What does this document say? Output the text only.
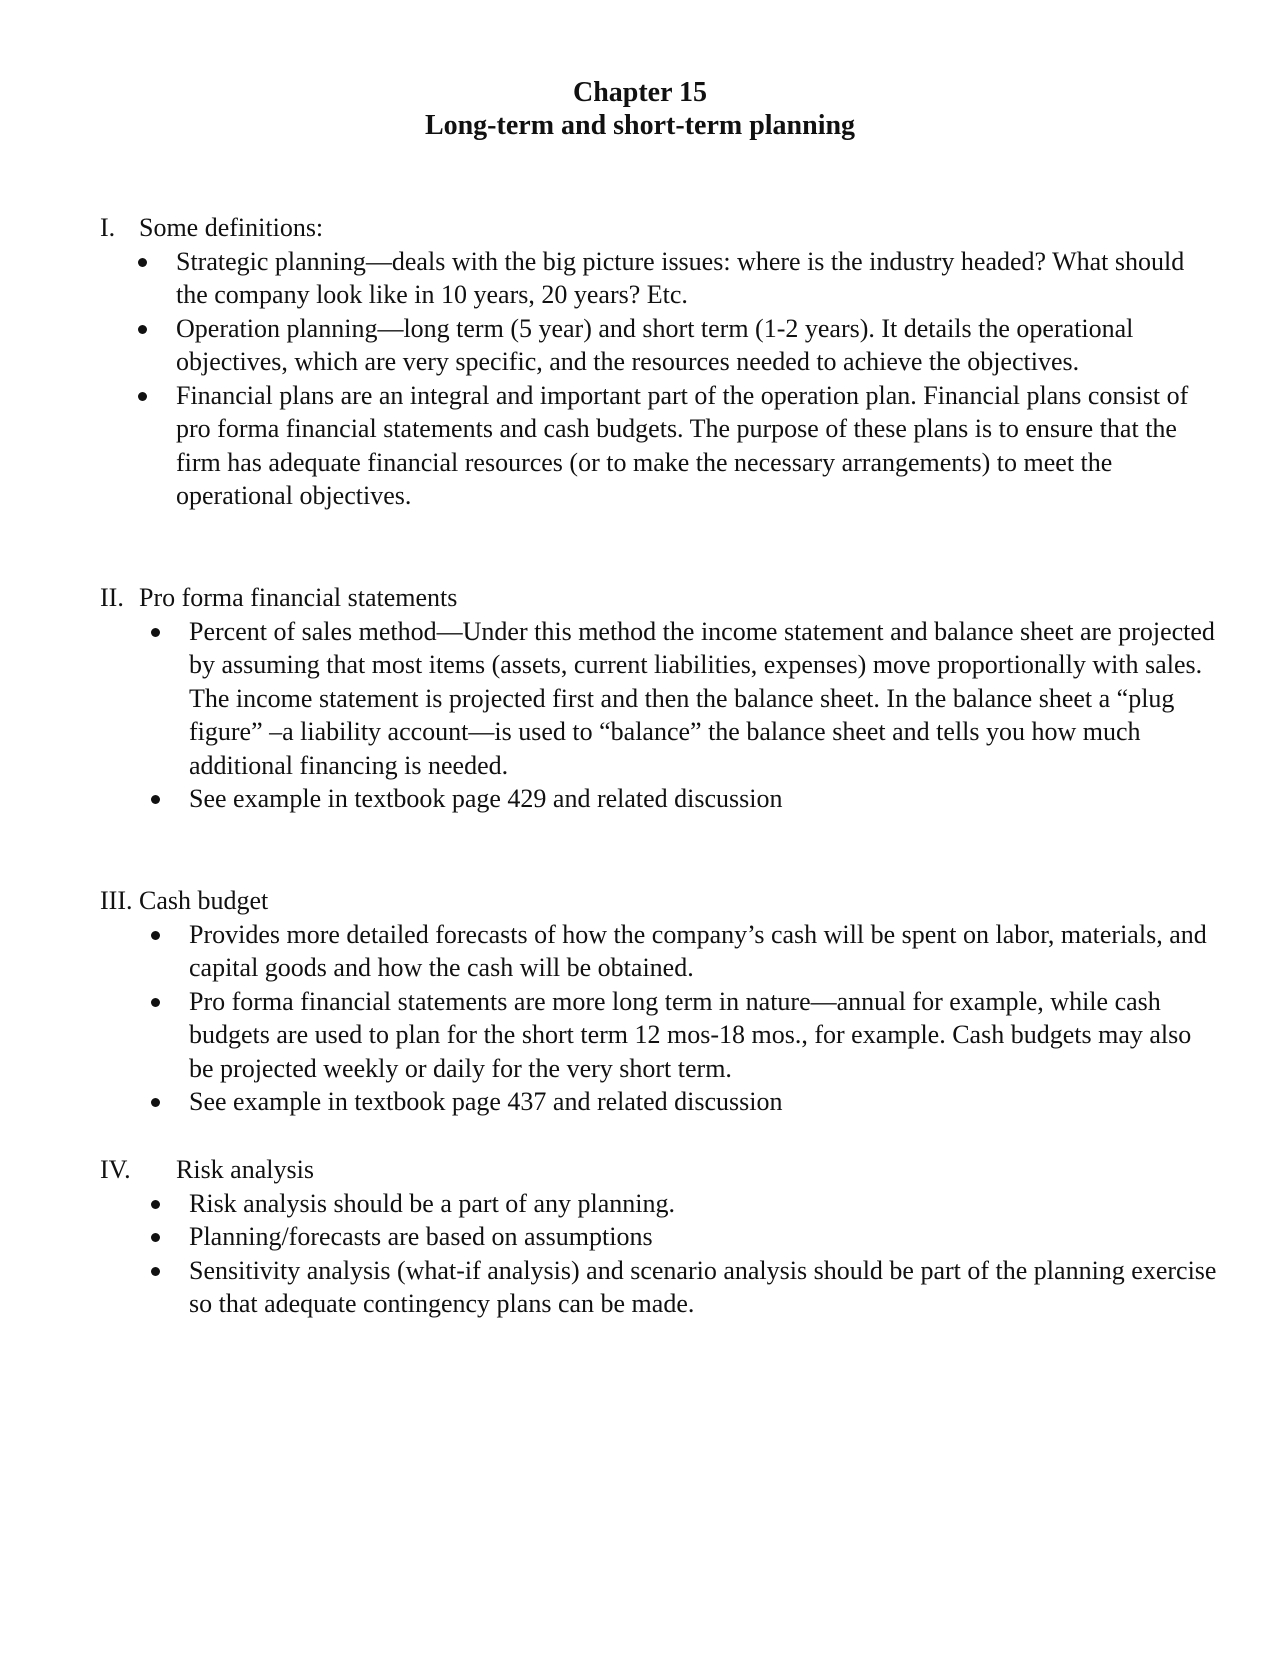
Chapter 15
Long-term and short-term planning
I. Some definitions:
Strategic planning—deals with the big picture issues: where is the industry headed? What should the company look like in 10 years, 20 years? Etc.
Operation planning—long term (5 year) and short term (1-2 years). It details the operational objectives, which are very specific, and the resources needed to achieve the objectives.
Financial plans are an integral and important part of the operation plan. Financial plans consist of pro forma financial statements and cash budgets. The purpose of these plans is to ensure that the firm has adequate financial resources (or to make the necessary arrangements) to meet the operational objectives.
II. Pro forma financial statements
Percent of sales method—Under this method the income statement and balance sheet are projected by assuming that most items (assets, current liabilities, expenses) move proportionally with sales. The income statement is projected first and then the balance sheet. In the balance sheet a “plug figure” –a liability account—is used to “balance” the balance sheet and tells you how much additional financing is needed.
See example in textbook page 429 and related discussion
III. Cash budget
Provides more detailed forecasts of how the company’s cash will be spent on labor, materials, and capital goods and how the cash will be obtained.
Pro forma financial statements are more long term in nature—annual for example, while cash budgets are used to plan for the short term 12 mos-18 mos., for example. Cash budgets may also be projected weekly or daily for the very short term.
See example in textbook page 437 and related discussion
IV. Risk analysis
Risk analysis should be a part of any planning.
Planning/forecasts are based on assumptions
Sensitivity analysis (what-if analysis) and scenario analysis should be part of the planning exercise so that adequate contingency plans can be made.
